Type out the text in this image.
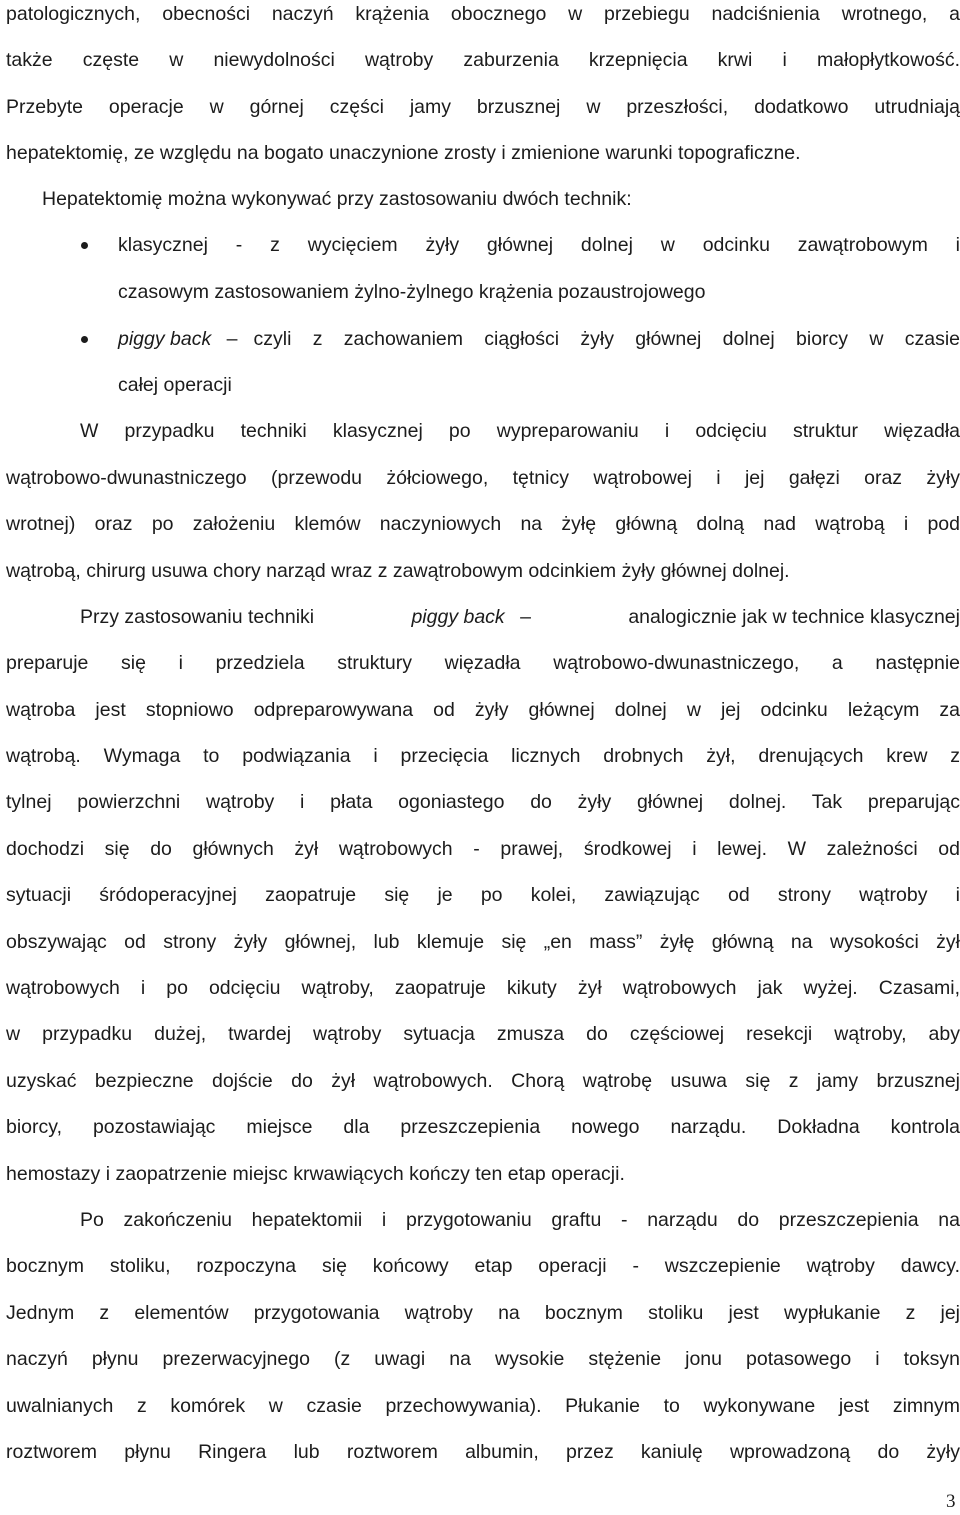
patologicznych, obecności naczyń krążenia obocznego w przebiegu nadciśnienia wrotnego, a
także częste w niewydolności wątroby zaburzenia krzepnięcia krwi i małopłytkowość.
Przebyte operacje w górnej części jamy brzusznej w przeszłości, dodatkowo utrudniają
hepatektomię, ze względu na bogato unaczynione zrosty i zmienione warunki topograficzne.
Hepatektomię można wykonywać przy zastosowaniu dwóch technik:
klasycznej - z wycięciem żyły głównej dolnej w odcinku zawątrobowym i
czasowym zastosowaniem żylno-żylnego krążenia pozaustrojowego
piggy back – czyli z zachowaniem ciągłości żyły głównej dolnej biorcy w czasie
całej operacji
W przypadku techniki klasycznej po wypreparowaniu i odcięciu struktur więzadła
wątrobowo-dwunastniczego (przewodu żółciowego, tętnicy wątrobowej i jej gałęzi oraz żyły
wrotnej) oraz po założeniu klemów naczyniowych na żyłę główną dolną nad wątrobą i pod
wątrobą, chirurg usuwa chory narząd wraz z zawątrobowym odcinkiem żyły głównej dolnej.
Przy zastosowaniu techniki	piggy back –	analogicznie jak w technice klasycznej
preparuje się i przedziela struktury więzadła wątrobowo-dwunastniczego, a następnie
wątroba jest stopniowo odpreparowywana od żyły głównej dolnej w jej odcinku leżącym za
wątrobą. Wymaga to podwiązania i przecięcia licznych drobnych żył, drenujących krew z
tylnej powierzchni wątroby i płata ogoniastego do żyły głównej dolnej. Tak preparując
dochodzi się do głównych żył wątrobowych - prawej, środkowej i lewej. W zależności od
sytuacji śródoperacyjnej zaopatruje się je po kolei, zawiązując od strony wątroby i
obszywając od strony żyły głównej, lub klemuje się „en mass” żyłę główną na wysokości żył
wątrobowych i po odcięciu wątroby, zaopatruje kikuty żył wątrobowych jak wyżej. Czasami,
w przypadku dużej, twardej wątroby sytuacja zmusza do częściowej resekcji wątroby, aby
uzyskać bezpieczne dojście do żył wątrobowych. Chorą wątrobę usuwa się z jamy brzusznej
biorcy, pozostawiając miejsce dla przeszczepienia nowego narządu. Dokładna kontrola
hemostazy i zaopatrzenie miejsc krwawiących kończy ten etap operacji.
Po zakończeniu hepatektomii i przygotowaniu graftu - narządu do przeszczepienia na
bocznym stoliku, rozpoczyna się końcowy etap operacji - wszczepienie wątroby dawcy.
Jednym z elementów przygotowania wątroby na bocznym stoliku jest wypłukanie z jej
naczyń płynu prezerwacyjnego (z uwagi na wysokie stężenie jonu potasowego i toksyn
uwalnianych z komórek w czasie przechowywania). Płukanie to wykonywane jest zimnym
roztworem płynu Ringera lub roztworem albumin, przez kaniulę wprowadzoną do żyły
3
